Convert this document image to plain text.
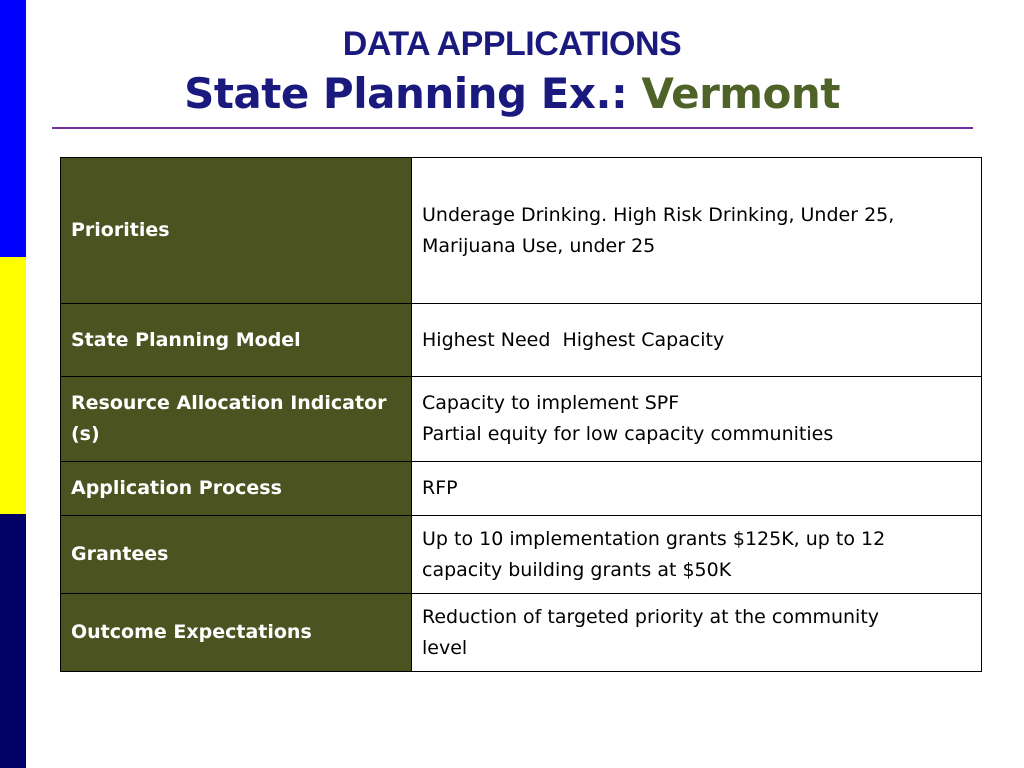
DATA APPLICATIONS
State Planning Ex.: Vermont
Priorities	Underage Drinking. High Risk Drinking, Under 25,
Marijuana Use, under 25

State Planning Model	Highest Need  Highest Capacity

Resource Allocation Indicator (s)	Capacity to implement SPF
Partial equity for low capacity communities

Application Process	RFP

Grantees	Up to 10 implementation grants $125K, up to 12
capacity building grants at $50K

Outcome Expectations	Reduction of targeted priority at the community
level
